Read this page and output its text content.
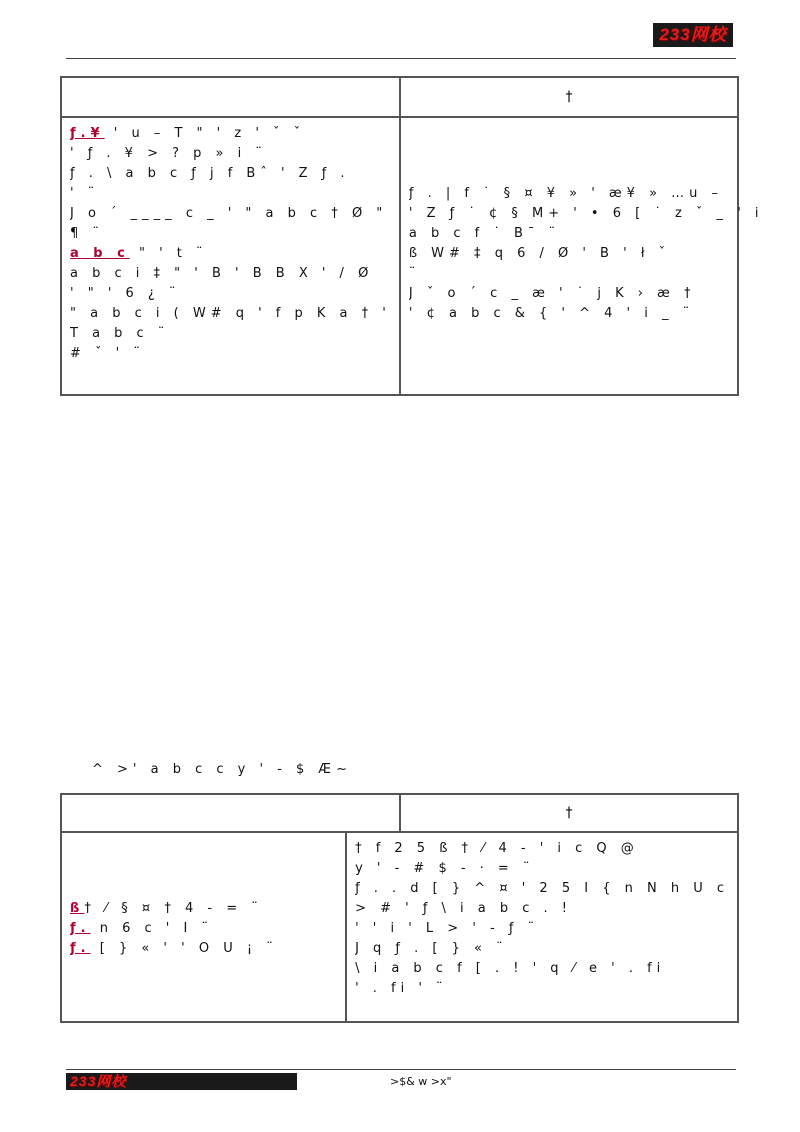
233网校
†
ƒ.¥ ' u – T " ' z ' ˇ ˇ
' ƒ . ¥ > ? p » i ¨
ƒ . \ a b c ƒ j f Bˆ ' Z ƒ .
' ¨
J o ´ ____ c _ ' " a b c † Ø "
¶ ¨
a b c " ' t ¨
a b c i ‡ " ' B ' B B X ' / Ø
' " ' 6 ¿ ¨
" a b c i ( W# q ' f p K a † '
T a b c ¨
# ˇ ' ¨
ƒ . | f ˙ § ¤ ¥ » ' æ¥ » …u –
' Z ƒ ˙ ¢ § M+ ' • 6 [ ˙ z ˇ _ ' i
a b c f ˙ Bˉ ¨
ß W# ‡ q 6 / Ø ' B ' ł ˇ
¨
J ˇ o ´ c _ æ ' ˙ j K › æ †
' ¢ a b c & { ' ^ 4 ' i _ ¨
^ >' a b c c y ' - $ Æ~
†
ß† ⁄ § ¤ † 4 - = ¨
ƒ. n 6 c ' I ¨
ƒ. [ } « ' ' O U ¡ ¨
† f 2 5 ß † ⁄ 4 - ' i c Q @
y ' - # $ - · = ¨
ƒ . . d [ } ^ ¤ ' 2 5 I { n N h U c
> # ' ƒ \ i a b c . !
' ' i ' L > ' - ƒ ¨
J q ƒ . [ } « ¨
\ i a b c f [ . ! ' q ⁄ e ' . fi
' . fi ' ¨
233网校	>$& w >x"
